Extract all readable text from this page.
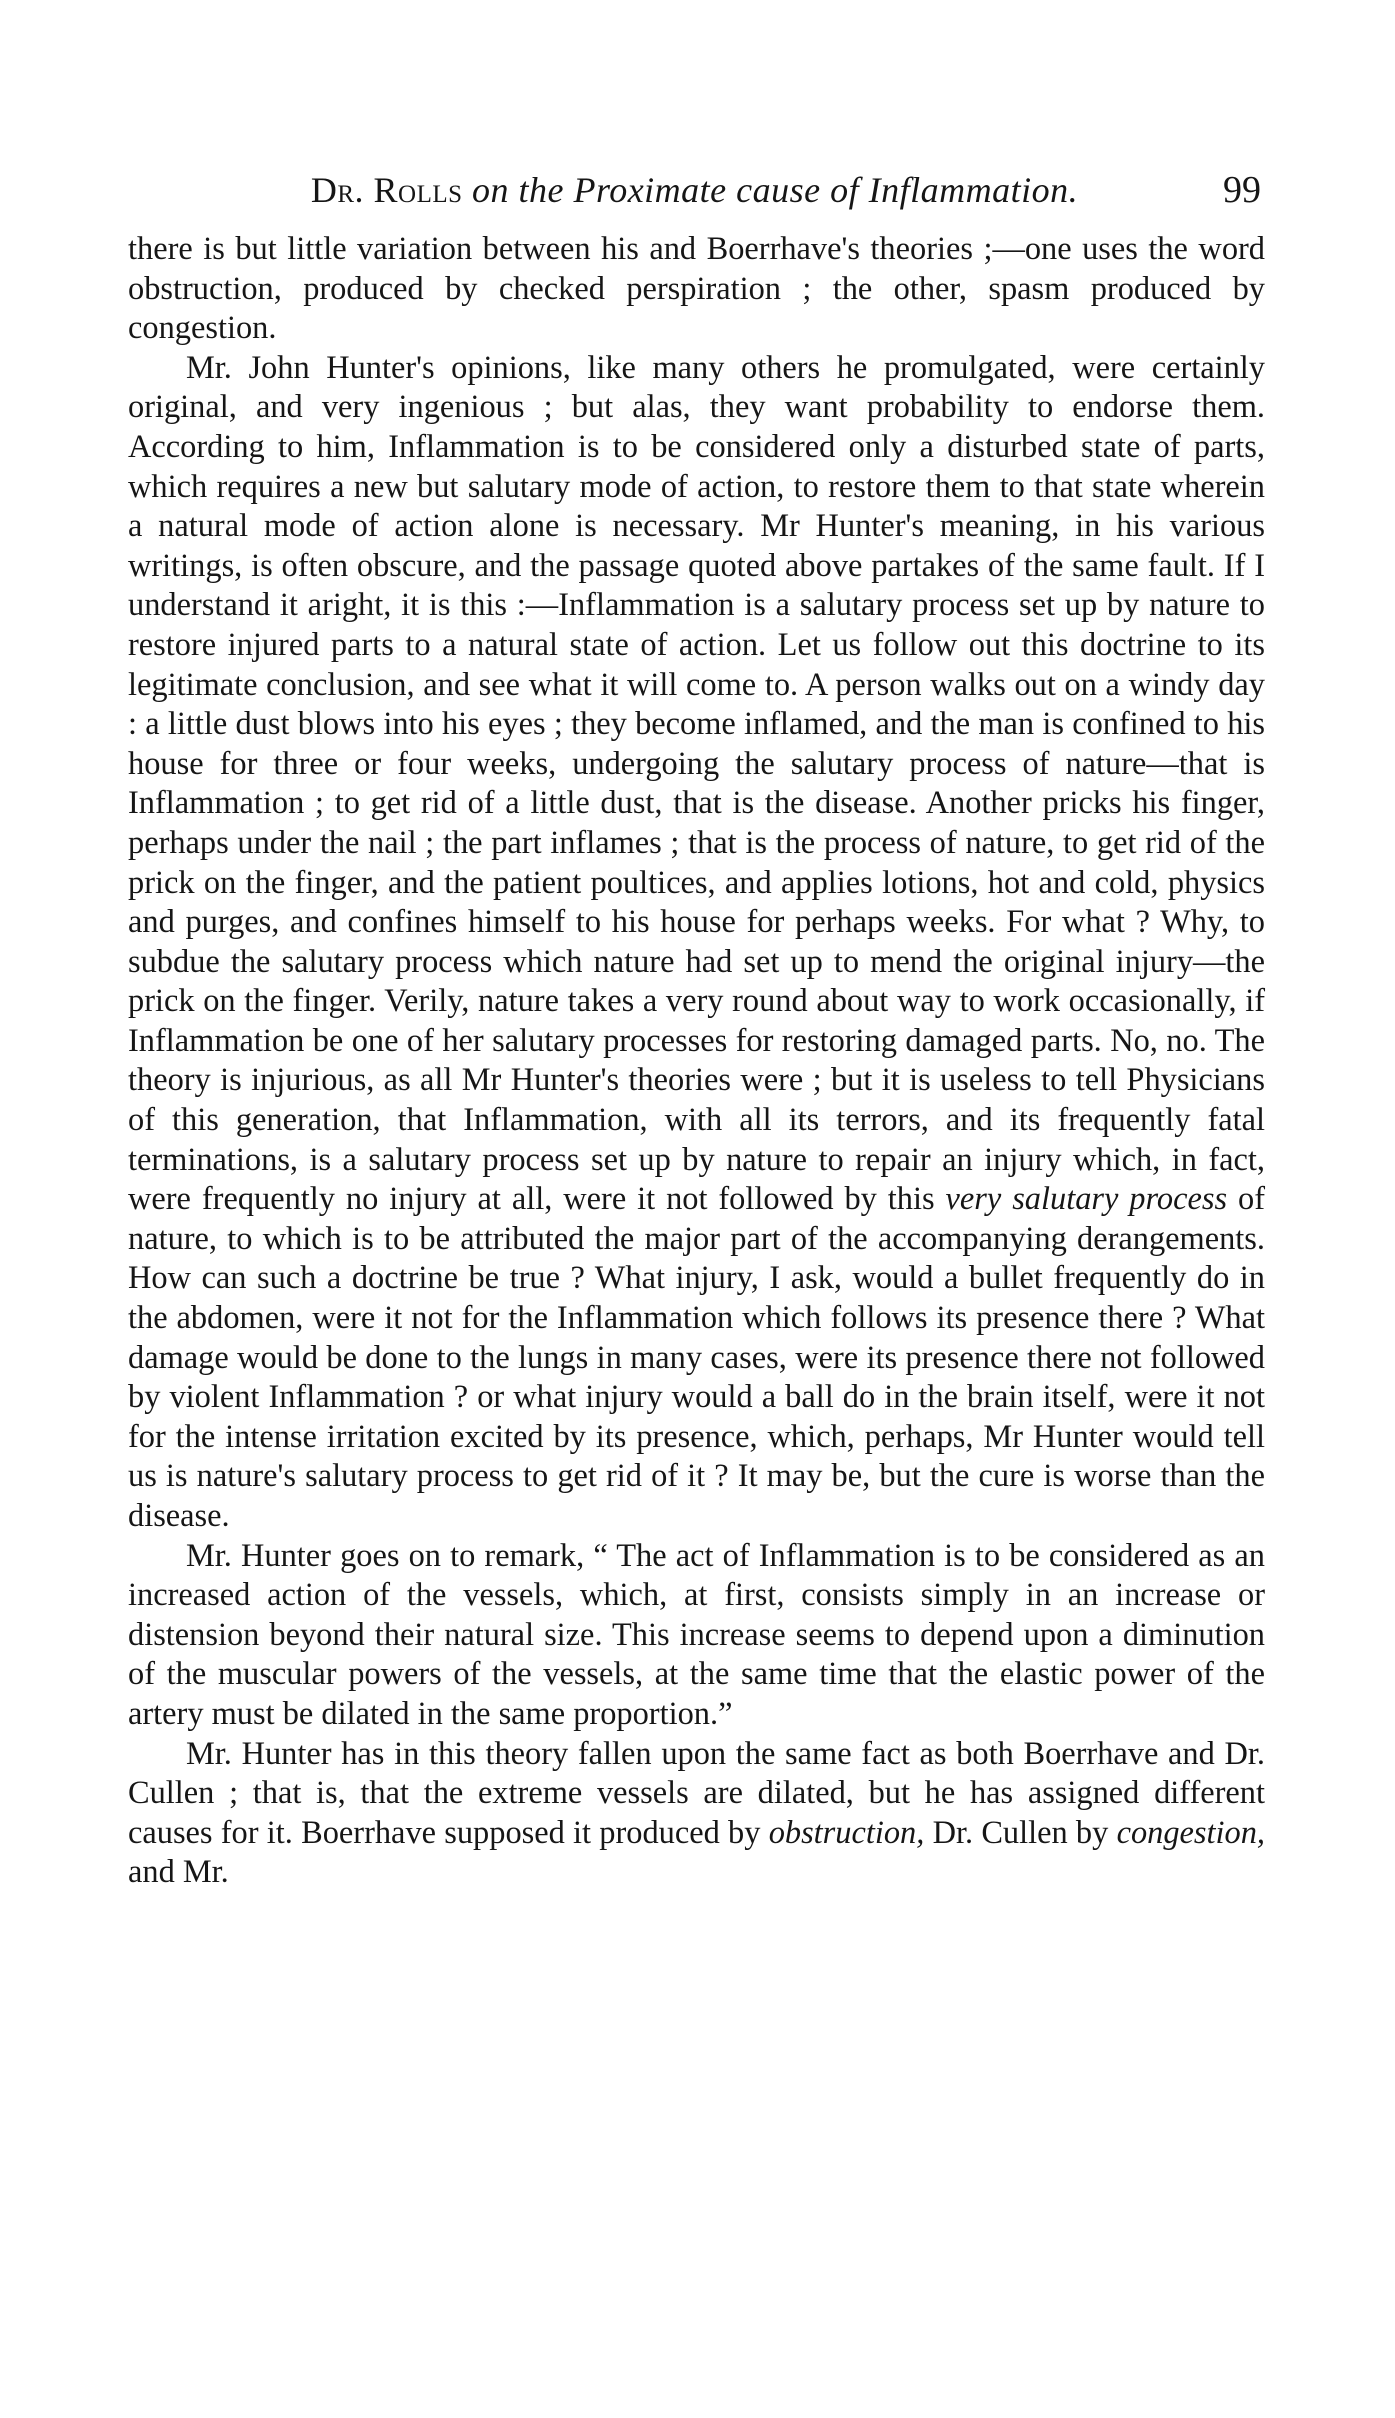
Dr. Rolls on the Proximate cause of Inflammation.	99

there is but little variation between his and Boerrhave's theories ;—one uses the word obstruction, produced by checked perspiration ; the other, spasm produced by congestion.

Mr. John Hunter's opinions, like many others he promulgated, were certainly original, and very ingenious ; but alas, they want probability to endorse them. According to him, Inflammation is to be considered only a disturbed state of parts, which requires a new but salutary mode of action, to restore them to that state wherein a natural mode of action alone is necessary. Mr Hunter's meaning, in his various writings, is often obscure, and the passage quoted above partakes of the same fault. If I understand it aright, it is this :—Inflammation is a salutary process set up by nature to restore injured parts to a natural state of action. Let us follow out this doctrine to its legitimate conclusion, and see what it will come to. A person walks out on a windy day : a little dust blows into his eyes ; they become inflamed, and the man is confined to his house for three or four weeks, undergoing the salutary process of nature—that is Inflammation ; to get rid of a little dust, that is the disease. Another pricks his finger, perhaps under the nail ; the part inflames ; that is the process of nature, to get rid of the prick on the finger, and the patient poultices, and applies lotions, hot and cold, physics and purges, and confines himself to his house for perhaps weeks. For what ? Why, to subdue the salutary process which nature had set up to mend the original injury—the prick on the finger. Verily, nature takes a very round about way to work occasionally, if Inflammation be one of her salutary processes for restoring damaged parts. No, no. The theory is injurious, as all Mr Hunter's theories were ; but it is useless to tell Physicians of this generation, that Inflammation, with all its terrors, and its frequently fatal terminations, is a salutary process set up by nature to repair an injury which, in fact, were frequently no injury at all, were it not followed by this very salutary process of nature, to which is to be attributed the major part of the accompanying derangements. How can such a doctrine be true ? What injury, I ask, would a bullet frequently do in the abdomen, were it not for the Inflammation which follows its presence there ? What damage would be done to the lungs in many cases, were its presence there not followed by violent Inflammation ? or what injury would a ball do in the brain itself, were it not for the intense irritation excited by its presence, which, perhaps, Mr Hunter would tell us is nature's salutary process to get rid of it ? It may be, but the cure is worse than the disease.

Mr. Hunter goes on to remark, “ The act of Inflammation is to be considered as an increased action of the vessels, which, at first, consists simply in an increase or distension beyond their natural size. This increase seems to depend upon a diminution of the muscular powers of the vessels, at the same time that the elastic power of the artery must be dilated in the same proportion.”

Mr. Hunter has in this theory fallen upon the same fact as both Boerrhave and Dr. Cullen ; that is, that the extreme vessels are dilated, but he has assigned different causes for it. Boerrhave supposed it produced by obstruction, Dr. Cullen by congestion, and Mr.
